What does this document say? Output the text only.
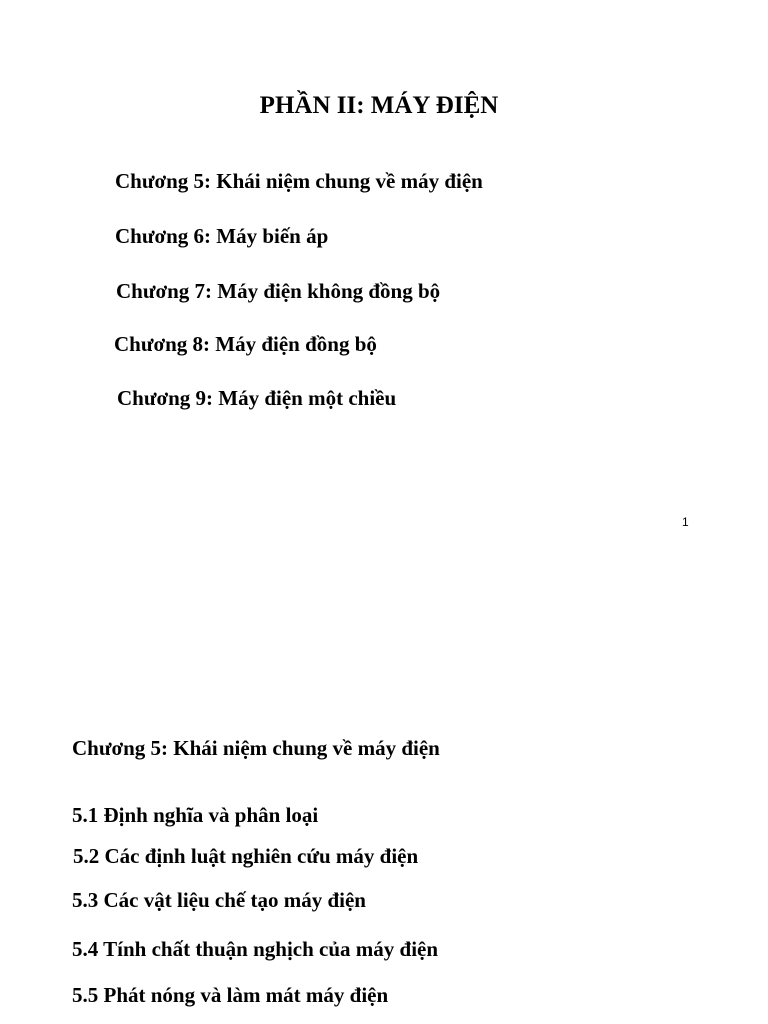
PHẦN II: MÁY ĐIỆN
Chương 5: Khái niệm chung về máy điện
Chương 6: Máy biến áp
Chương 7: Máy điện không đồng bộ
Chương 8: Máy điện đồng bộ
Chương 9: Máy điện một chiều
1
Chương 5: Khái niệm chung về máy điện
5.1 Định nghĩa và phân loại
5.2 Các định luật nghiên cứu máy điện
5.3 Các vật liệu chế tạo máy điện
5.4 Tính chất thuận nghịch của máy điện
5.5 Phát nóng và làm mát máy điện
